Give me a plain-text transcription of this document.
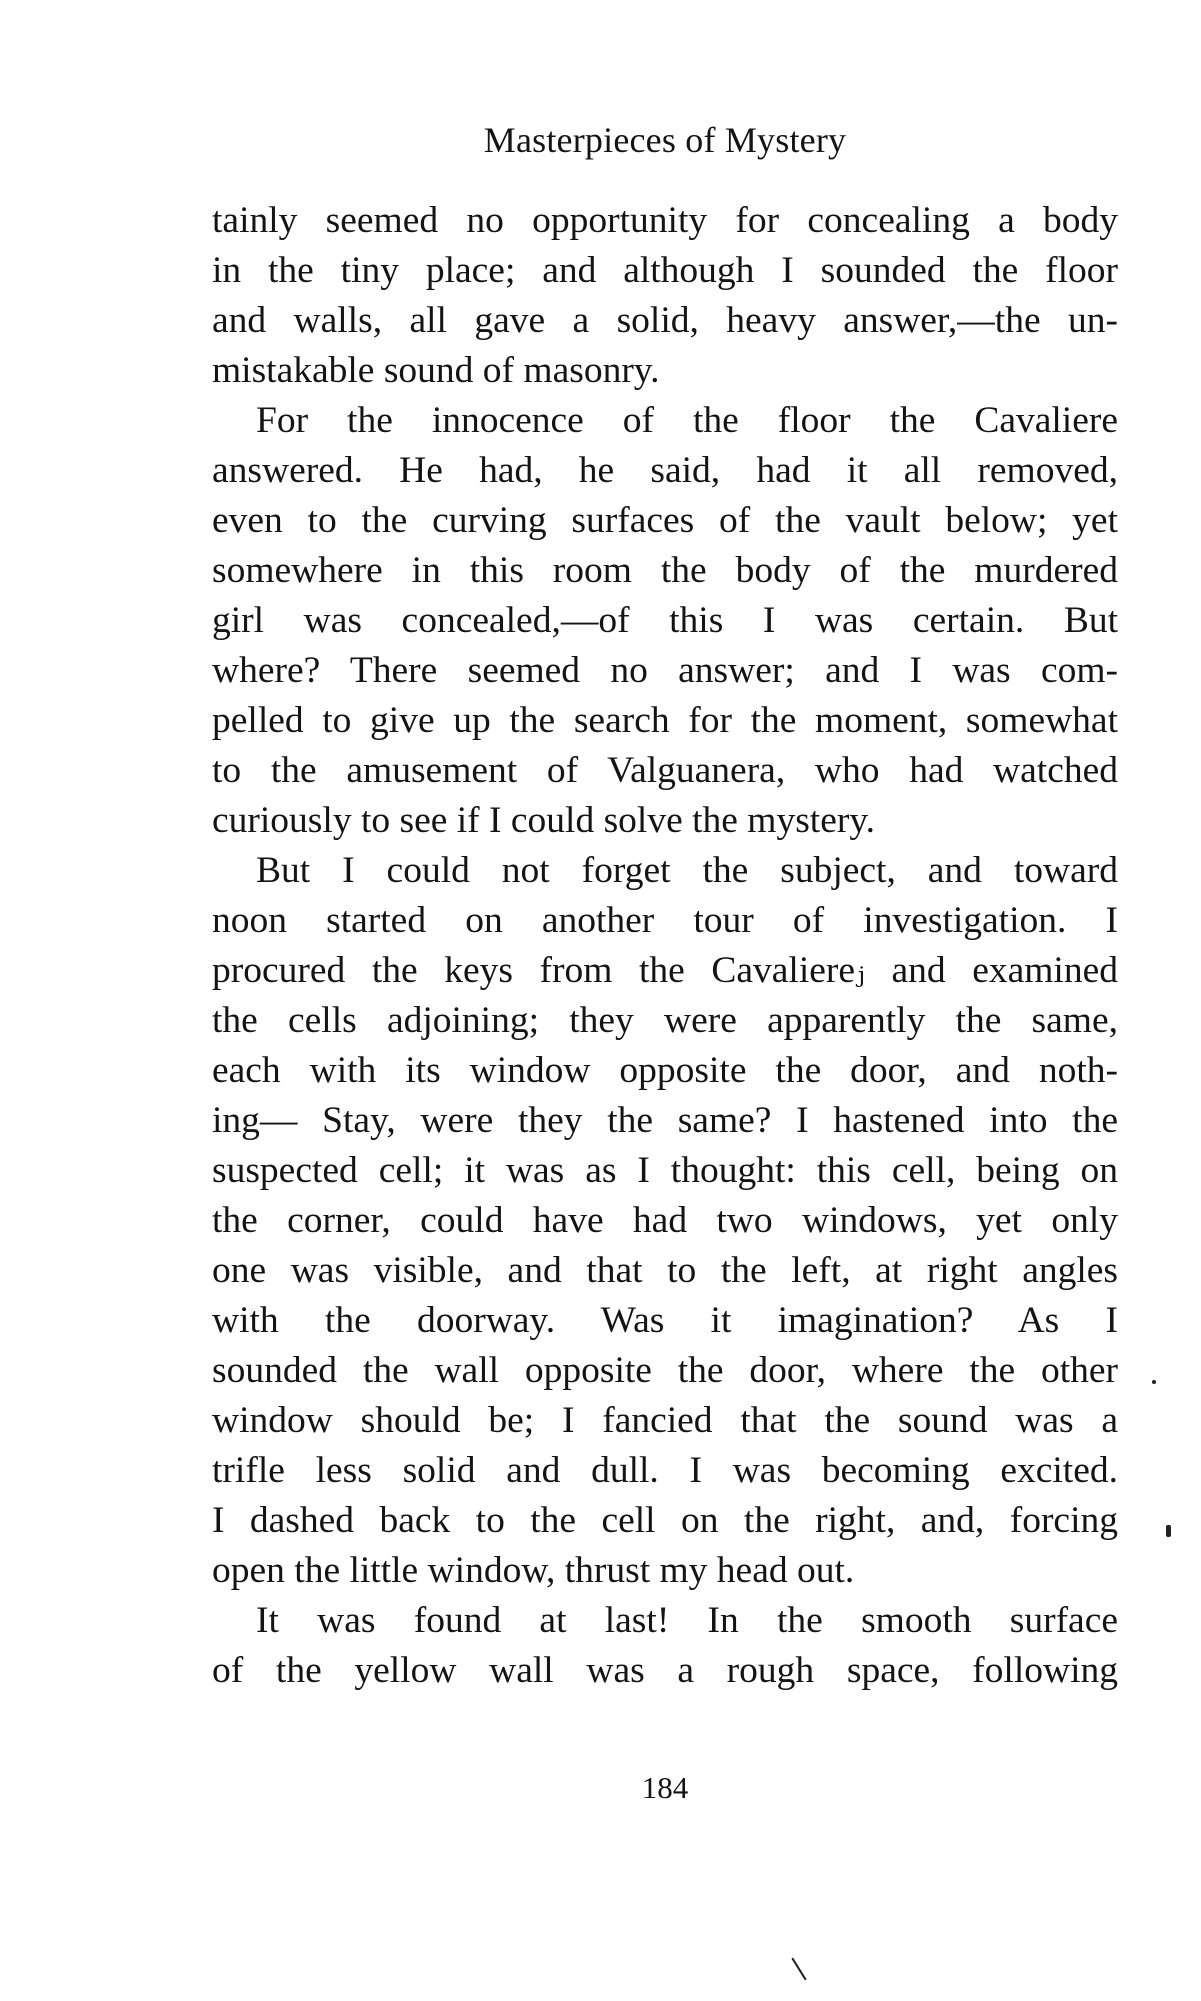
Masterpieces of Mystery
tainly seemed no opportunity for concealing a body
in the tiny place; and although I sounded the floor
and walls, all gave a solid, heavy answer,—the un-
mistakable sound of masonry.
For the innocence of the floor the Cavaliere
answered. He had, he said, had it all removed,
even to the curving surfaces of the vault below; yet
somewhere in this room the body of the murdered
girl was concealed,—of this I was certain. But
where? There seemed no answer; and I was com-
pelled to give up the search for the moment, somewhat
to the amusement of Valguanera, who had watched
curiously to see if I could solve the mystery.
But I could not forget the subject, and toward
noon started on another tour of investigation. I
procured the keys from the Cavaliereⱼ and examined
the cells adjoining; they were apparently the same,
each with its window opposite the door, and noth-
ing— Stay, were they the same? I hastened into the
suspected cell; it was as I thought: this cell, being on
the corner, could have had two windows, yet only
one was visible, and that to the left, at right angles
with the doorway. Was it imagination? As I
sounded the wall opposite the door, where the other
window should be; I fancied that the sound was a
trifle less solid and dull. I was becoming excited.
I dashed back to the cell on the right, and, forcing
open the little window, thrust my head out.
It was found at last! In the smooth surface
of the yellow wall was a rough space, following
184
